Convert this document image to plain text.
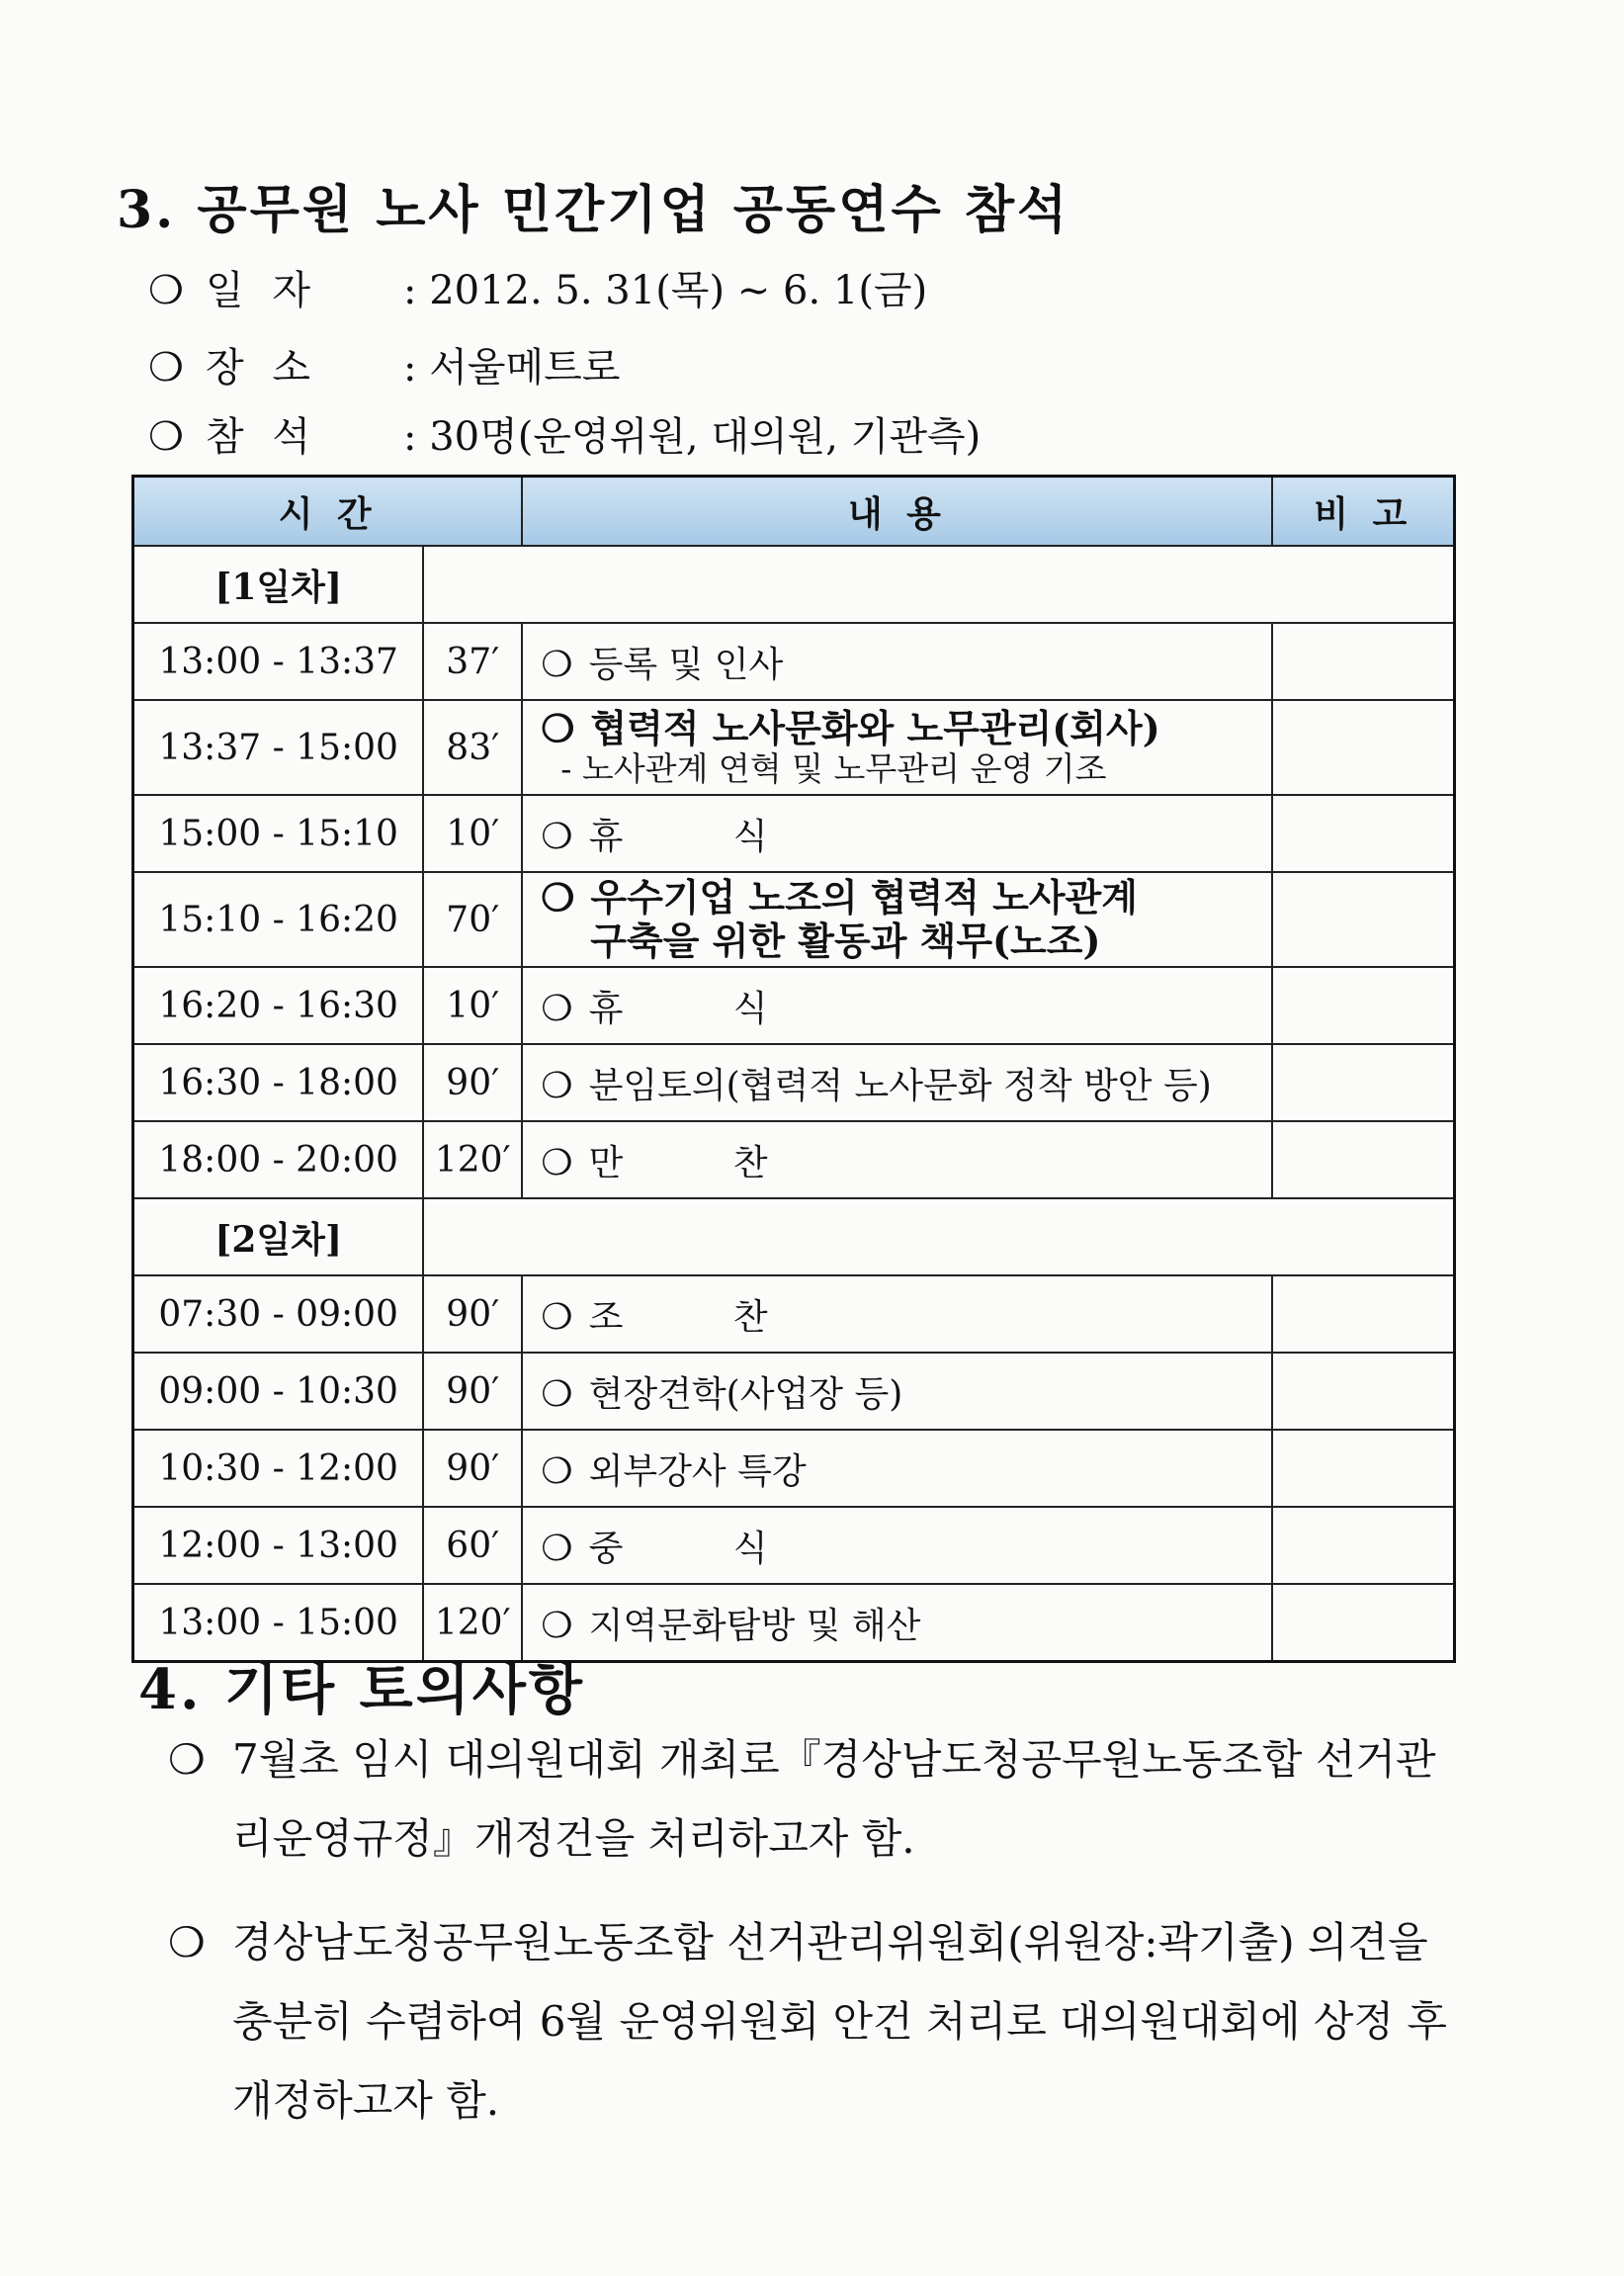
3. 공무원 노사 민간기업 공동연수 참석
❍ 일 자 : 2012. 5. 31(목) ~ 6. 1(금)
❍ 장 소 : 서울메트로
❍ 참 석 : 30명(운영위원, 대의원, 기관측)
시 간		내 용	비 고
[1일차]			
13:00 - 13:37	37′	❍ 등록 및 인사	
13:37 - 15:00	83′	❍ 협력적 노사문화와 노무관리(회사)
- 노사관계 연혁 및 노무관리 운영 기조	

15:00 - 15:10	10′	❍ 휴 식	
15:10 - 16:20	70′	❍ 우수기업 노조의 협력적 노사관계
구축을 위한 활동과 책무(노조)	

16:20 - 16:30	10′	❍ 휴 식	
16:30 - 18:00	90′	❍ 분임토의(협력적 노사문화 정착 방안 등)	
18:00 - 20:00	120′	❍ 만 찬	
[2일차]			
07:30 - 09:00	90′	❍ 조 찬	
09:00 - 10:30	90′	❍ 현장견학(사업장 등)	
10:30 - 12:00	90′	❍ 외부강사 특강	
12:00 - 13:00	60′	❍ 중 식	
13:00 - 15:00	120′	❍ 지역문화탐방 및 해산	
4. 기타 토의사항
❍ 7월초 임시 대의원대회 개최로『경상남도청공무원노동조합 선거관리운영규정』개정건을 처리하고자 함.
❍ 경상남도청공무원노동조합 선거관리위원회(위원장:곽기출) 의견을 충분히 수렴하여 6월 운영위원회 안건 처리로 대의원대회에 상정 후 개정하고자 함.
